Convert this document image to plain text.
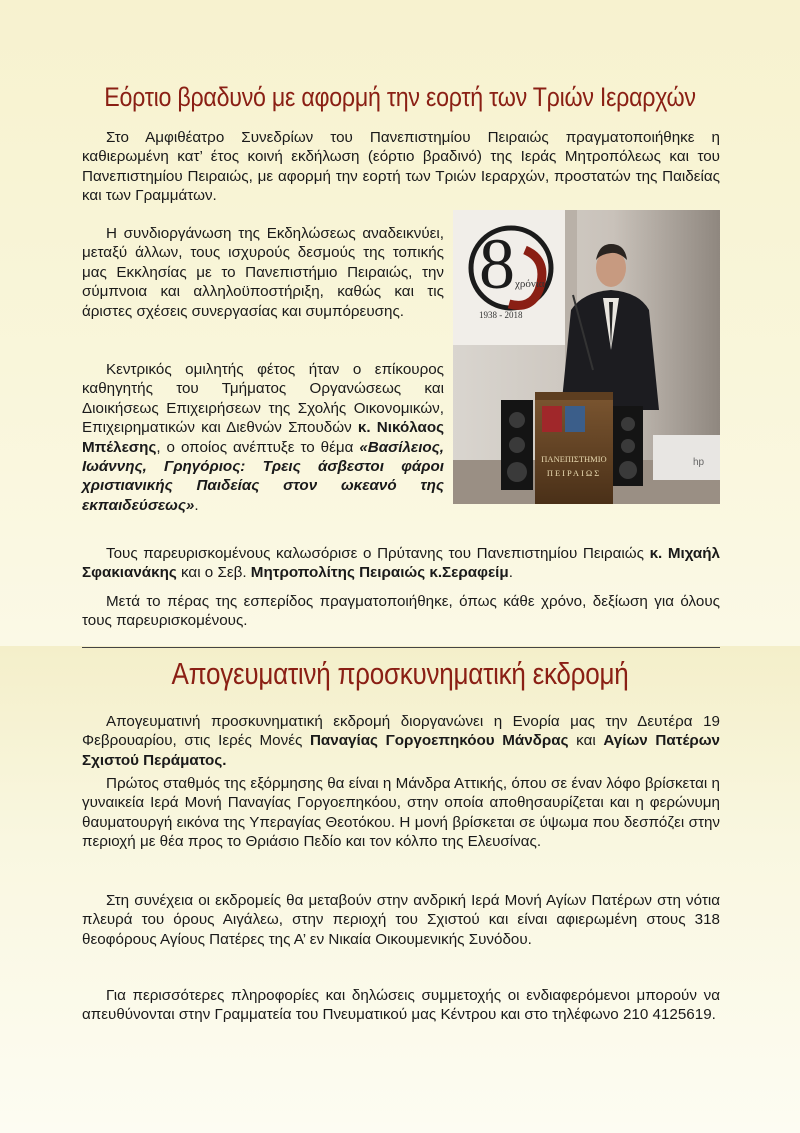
Εόρτιο βραδυνό με αφορμή την εορτή των Τριών Ιεραρχών

Στο Αμφιθέατρο Συνεδρίων του Πανεπιστημίου Πειραιώς πραγματοποιήθηκε η καθιερωμένη κατ’ έτος κοινή εκδήλωση (εόρτιο βραδινό) της Ιεράς Μητροπόλεως και του Πανεπιστημίου Πειραιώς, με αφορμή την εορτή των Τριών Ιεραρχών, προστατών της Παιδείας και των Γραμμάτων.

Η συνδιοργάνωση της Εκδηλώσεως αναδεικνύει, μεταξύ άλλων, τους ισχυρούς δεσμούς της τοπικής μας Εκκλησίας με το Πανεπιστήμιο Πειραιώς, την σύμπνοια και αλληλοϋποστήριξη, καθώς και τις άριστες σχέσεις συνεργασίας και συμπόρευσης.

Κεντρικός ομιλητής φέτος ήταν ο επίκουρος καθηγητής του Τμήματος Οργανώσεως και Διοικήσεως Επιχειρήσεων της Σχολής Οικονομικών, Επιχειρηματικών και Διεθνών Σπουδών κ. Νικόλαος Μπέλεσης, ο οποίος ανέπτυξε το θέμα «Βασίλειος, Ιωάννης, Γρηγόριος: Τρεις άσβεστοι φάροι χριστιανικής Παιδείας στον ωκεανό της εκπαιδεύσεως».

Τους παρευρισκομένους καλωσόρισε ο Πρύτανης του Πανεπιστημίου Πειραιώς κ. Μιχαήλ Σφακιανάκης και ο Σεβ. Μητροπολίτης Πειραιώς κ.Σεραφείμ.

Μετά το πέρας της εσπερίδος πραγματοποιήθηκε, όπως κάθε χρόνο, δεξίωση για όλους τους παρευρισκομένους.

8 χρόνια
1938 - 2018
hp
ΠΑΝΕΠΙΣΤΗΜΙΟ
ΠΕΙΡΑΙΩΣ
Απογευματινή προσκυνηματική εκδρομή

Απογευματινή προσκυνηματική εκδρομή διοργανώνει η Ενορία μας την Δευτέρα 19 Φεβρουαρίου, στις Ιερές Μονές Παναγίας Γοργοεπηκόου Μάνδρας και Αγίων Πατέρων Σχιστού Περάματος.

Πρώτος σταθμός της εξόρμησης θα είναι η Μάνδρα Αττικής, όπου σε έναν λόφο βρίσκεται η γυναικεία Ιερά Μονή Παναγίας Γοργοεπηκόου, στην οποία αποθησαυρίζεται και η φερώνυμη θαυματουργή εικόνα της Υπεραγίας Θεοτόκου. Η μονή βρίσκεται σε ύψωμα που δεσπόζει στην περιοχή με θέα προς το Θριάσιο Πεδίο και τον κόλπο της Ελευσίνας.

Στη συνέχεια οι εκδρομείς θα μεταβούν στην ανδρική Ιερά Μονή Αγίων Πατέρων στη νότια πλευρά του όρους Αιγάλεω, στην περιοχή του Σχιστού και είναι αφιερωμένη στους 318 θεοφόρους Αγίους Πατέρες της Α’ εν Νικαία Οικουμενικής Συνόδου.

Για περισσότερες πληροφορίες και δηλώσεις συμμετοχής οι ενδιαφερόμενοι μπορούν να απευθύνονται στην Γραμματεία του Πνευματικού μας Κέντρου και στο τηλέφωνο 210 4125619.
